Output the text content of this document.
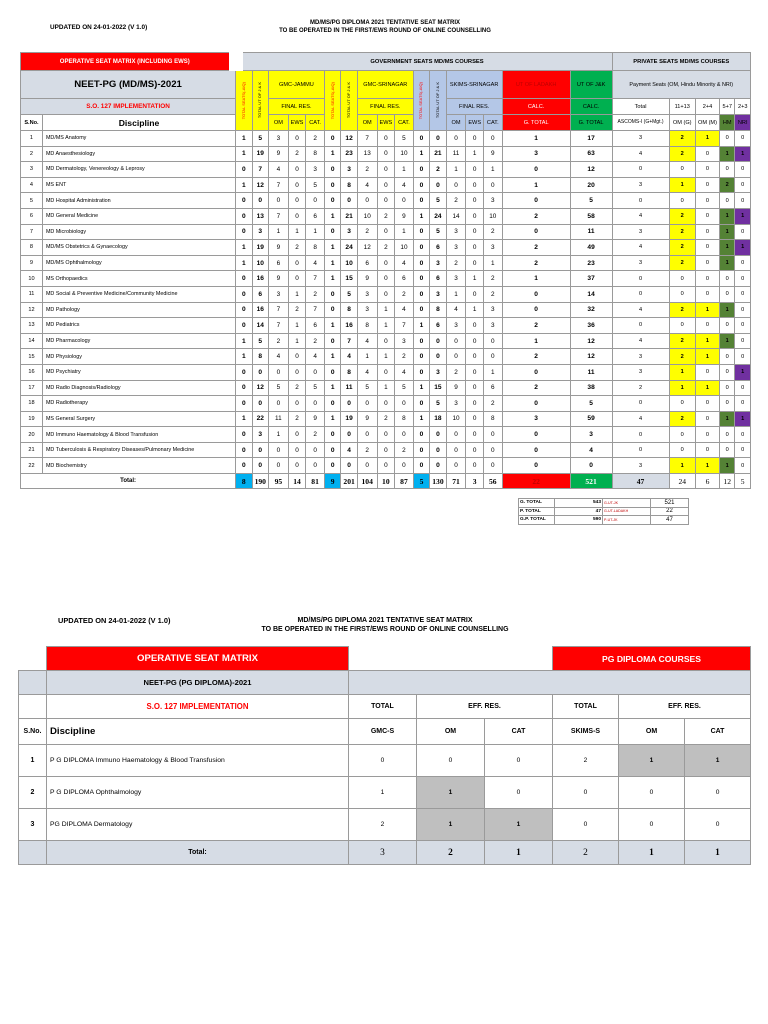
UPDATED ON 24-01-2022 (V 1.0)
MD/MS/PG DIPLOMA 2021 TENTATIVE SEAT MATRIX
TO BE OPERATED IN THE FIRST/EWS ROUND OF ONLINE COUNSELLING
OPERATIVE SEAT MATRIX (INCLUDING EWS)		GOVERNMENT SEATS MD/MS COURSES																	PRIVATE SEATS MD/MS COURSES				
NEET-PG (MD/MS)-2021		TOTAL SEATS(-AIQ)	TOTAL UT OF J & K	GMC-JAMMU			TOTAL SEATS(-AIQ)	TOTAL UT OF J & K	GMC-SRINAGAR			TOTAL SEATS(-AIQ)	TOTAL UT OF J & K	SKIMS-SRINAGAR			UT OF LADAKH	UT OF J&K	Payment Seats (OM, Hindu Minority & NRI)				
S.O. 127 IMPLEMENTATION				FINAL RES.					FINAL RES.					FINAL RES.			CALC.	CALC.	Total	11+13	2+4	5+7	2+3
S.No.	Discipline			OM	EWS	CAT.			OM	EWS	CAT.			OM	EWS	CAT.	G. TOTAL	G. TOTAL	ASCOMS-I (G+Mgt.)	OM (G)	OM (M)	HM	NRI
1	MD/MS Anatomy	1	5	3	0	2	0	12	7	0	5	0	0	0	0	0	1	17	3	2	1	0	0
2	MD Anaesthesiology	1	19	9	2	8	1	23	13	0	10	1	21	11	1	9	3	63	4	2	0	1	1
3	MD Dermatology, Venereology & Leprosy	0	7	4	0	3	0	3	2	0	1	0	2	1	0	1	0	12	0	0	0	0	0
4	MS ENT	1	12	7	0	5	0	8	4	0	4	0	0	0	0	0	1	20	3	1	0	2	0
5	MD Hospital Administration	0	0	0	0	0	0	0	0	0	0	0	5	2	0	3	0	5	0	0	0	0	0
6	MD General Medicine	0	13	7	0	6	1	21	10	2	9	1	24	14	0	10	2	58	4	2	0	1	1
7	MD Microbiology	0	3	1	1	1	0	3	2	0	1	0	5	3	0	2	0	11	3	2	0	1	0
8	MD/MS Obstetrics & Gynaecology	1	19	9	2	8	1	24	12	2	10	0	6	3	0	3	2	49	4	2	0	1	1
9	MD/MS Ophthalmology	1	10	6	0	4	1	10	6	0	4	0	3	2	0	1	2	23	3	2	0	1	0
10	MS Orthopaedics	0	16	9	0	7	1	15	9	0	6	0	6	3	1	2	1	37	0	0	0	0	0
11	MD Social & Preventive Medicine/Community Medicine	0	6	3	1	2	0	5	3	0	2	0	3	1	0	2	0	14	0	0	0	0	0
12	MD Pathology	0	16	7	2	7	0	8	3	1	4	0	8	4	1	3	0	32	4	2	1	1	0
13	MD Pediatrics	0	14	7	1	6	1	16	8	1	7	1	6	3	0	3	2	36	0	0	0	0	0
14	MD Pharmacology	1	5	2	1	2	0	7	4	0	3	0	0	0	0	0	1	12	4	2	1	1	0
15	MD Physiology	1	8	4	0	4	1	4	1	1	2	0	0	0	0	0	2	12	3	2	1	0	0
16	MD Psychiatry	0	0	0	0	0	0	8	4	0	4	0	3	2	0	1	0	11	3	1	0	0	1
17	MD Radio Diagnosis/Radiology	0	12	5	2	5	1	11	5	1	5	1	15	9	0	6	2	38	2	1	1	0	0
18	MD Radiotherapy	0	0	0	0	0	0	0	0	0	0	0	5	3	0	2	0	5	0	0	0	0	0
19	MS General Surgery	1	22	11	2	9	1	19	9	2	8	1	18	10	0	8	3	59	4	2	0	1	1
20	MD Immuno Haematology & Blood Transfusion	0	3	1	0	2	0	0	0	0	0	0	0	0	0	0	0	3	0	0	0	0	0
21	MD Tuberculosis & Respiratory Diseases/Pulmonary Medicine	0	0	0	0	0	0	4	2	0	2	0	0	0	0	0	0	4	0	0	0	0	0
22	MD Biochemistry	0	0	0	0	0	0	0	0	0	0	0	0	0	0	0	0	0	3	1	1	1	0
Total:		8	190	95	14	81	9	201	104	10	87	5	130	71	3	56	22	521	47	24	6	12	5
G. TOTAL	543	G-UT-JK	521
P. TOTAL	47	G-UT-LADAKH	22
G.P. TOTAL	590	P-UT-JK	47
UPDATED ON 24-01-2022 (V 1.0)	MD/MS/PG DIPLOMA 2021 TENTATIVE SEAT MATRIX
TO BE OPERATED IN THE FIRST/EWS ROUND OF ONLINE COUNSELLING
	OPERATIVE SEAT MATRIX				PG DIPLOMA COURSES		
	NEET-PG (PG DIPLOMA)-2021						
	S.O. 127 IMPLEMENTATION	TOTAL	EFF. RES.		TOTAL	EFF. RES.	
S.No.	Discipline	GMC-S	OM	CAT	SKIMS-S	OM	CAT
1	P G DIPLOMA Immuno Haematology & Blood Transfusion	0	0	0	2	1	1
2	P G DIPLOMA Ophthalmology	1	1	0	0	0	0
3	PG DIPLOMA Dermatology	2	1	1	0	0	0
	Total:	3	2	1	2	1	1
